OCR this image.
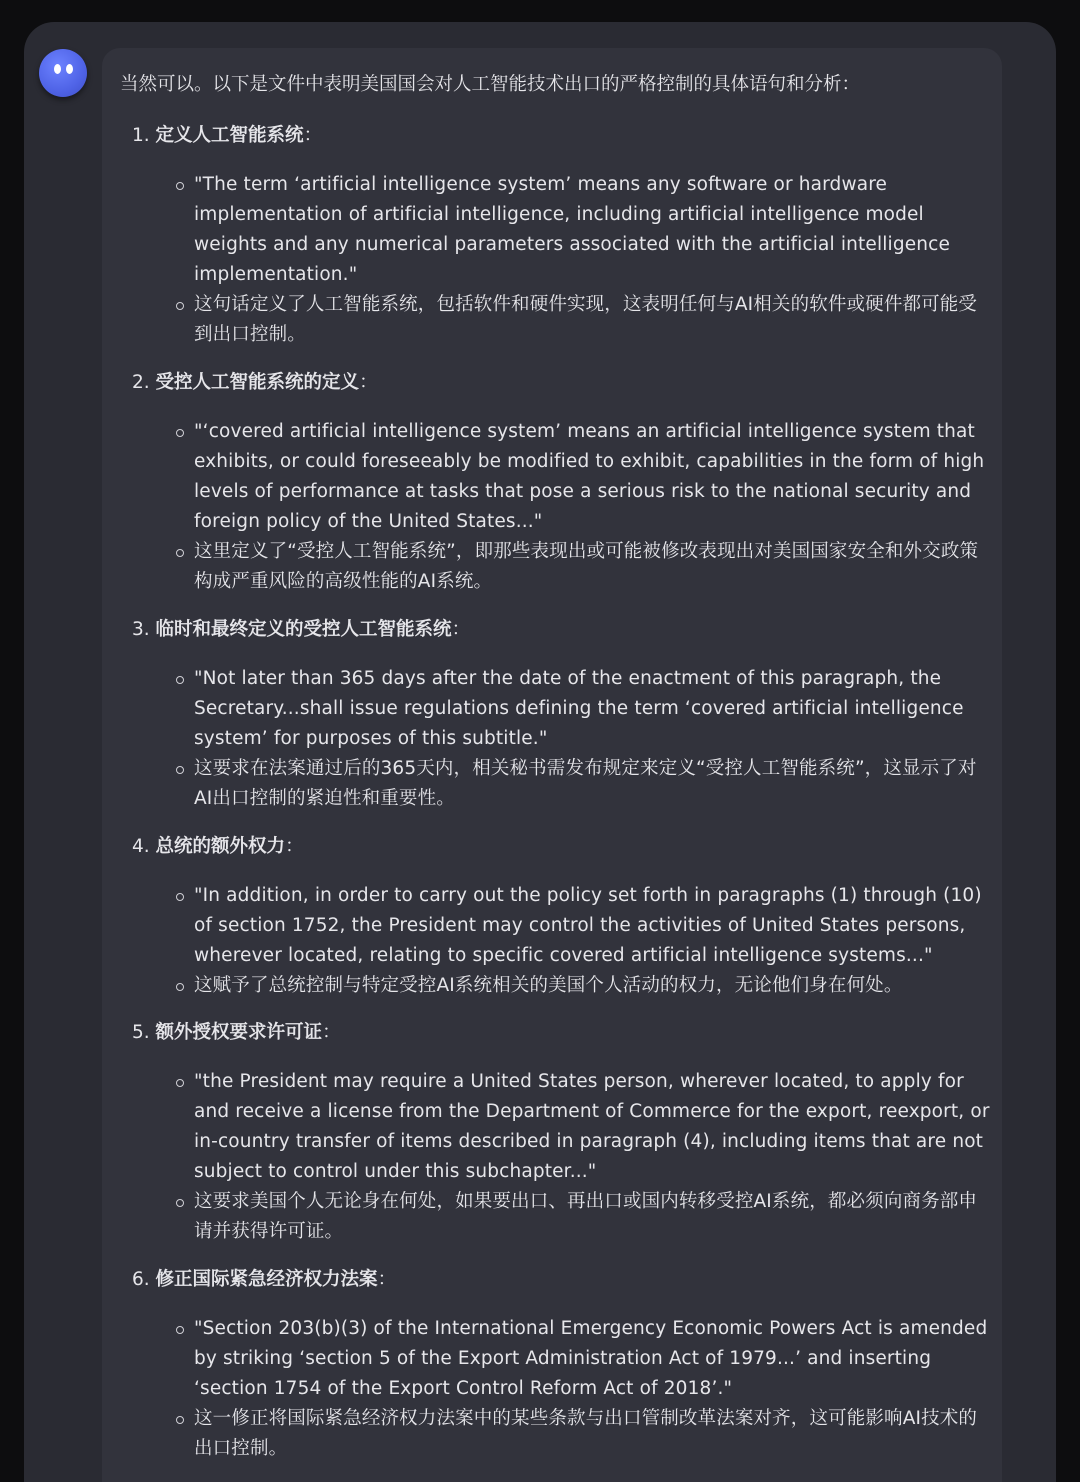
当然可以。以下是文件中表明美国国会对人工智能技术出口的严格控制的具体语句和分析：
1. 定义人工智能系统：
"The term ‘artificial intelligence system’ means any software or hardware implementation of artificial intelligence, including artificial intelligence model weights and any numerical parameters associated with the artificial intelligence implementation."
这句话定义了人工智能系统，包括软件和硬件实现，这表明任何与AI相关的软件或硬件都可能受到出口控制。
2. 受控人工智能系统的定义：
"‘covered artificial intelligence system’ means an artificial intelligence system that exhibits, or could foreseeably be modified to exhibit, capabilities in the form of high levels of performance at tasks that pose a serious risk to the national security and foreign policy of the United States..."
这里定义了“受控人工智能系统”，即那些表现出或可能被修改表现出对美国国家安全和外交政策构成严重风险的高级性能的AI系统。
3. 临时和最终定义的受控人工智能系统：
"Not later than 365 days after the date of the enactment of this paragraph, the Secretary...shall issue regulations defining the term ‘covered artificial intelligence system’ for purposes of this subtitle."
这要求在法案通过后的365天内，相关秘书需发布规定来定义“受控人工智能系统”，这显示了对AI出口控制的紧迫性和重要性。
4. 总统的额外权力：
"In addition, in order to carry out the policy set forth in paragraphs (1) through (10) of section 1752, the President may control the activities of United States persons, wherever located, relating to specific covered artificial intelligence systems..."
这赋予了总统控制与特定受控AI系统相关的美国个人活动的权力，无论他们身在何处。
5. 额外授权要求许可证：
"the President may require a United States person, wherever located, to apply for and receive a license from the Department of Commerce for the export, reexport, or in-country transfer of items described in paragraph (4), including items that are not subject to control under this subchapter..."
这要求美国个人无论身在何处，如果要出口、再出口或国内转移受控AI系统，都必须向商务部申请并获得许可证。
6. 修正国际紧急经济权力法案：
"Section 203(b)(3) of the International Emergency Economic Powers Act is amended by striking ‘section 5 of the Export Administration Act of 1979...’ and inserting ‘section 1754 of the Export Control Reform Act of 2018’."
这一修正将国际紧急经济权力法案中的某些条款与出口管制改革法案对齐，这可能影响AI技术的出口控制。
